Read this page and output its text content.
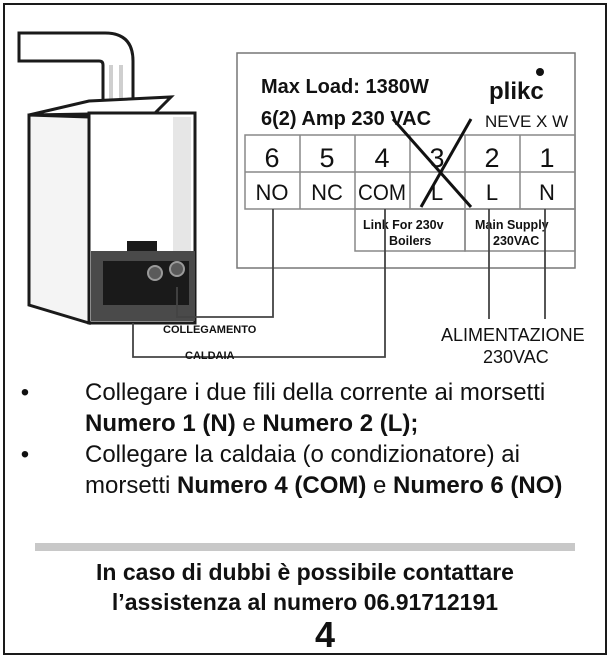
Max Load: 1380W
6(2) Amp 230 VAC
plikc
NEVE X W
6 5 4 3 2 1
NO NC COM L L N
Link For 230v
Boilers
Main Supply
230VAC
COLLEGAMENTO
CALDAIA
ALIMENTAZIONE
230VAC
• Collegare i due fili della corrente ai morsetti Numero 1 (N) e Numero 2 (L);
• Collegare la caldaia (o condizionatore) ai morsetti Numero 4 (COM) e Numero 6 (NO)
In caso di dubbi è possibile contattare
l’assistenza al numero 06.91712191
4
